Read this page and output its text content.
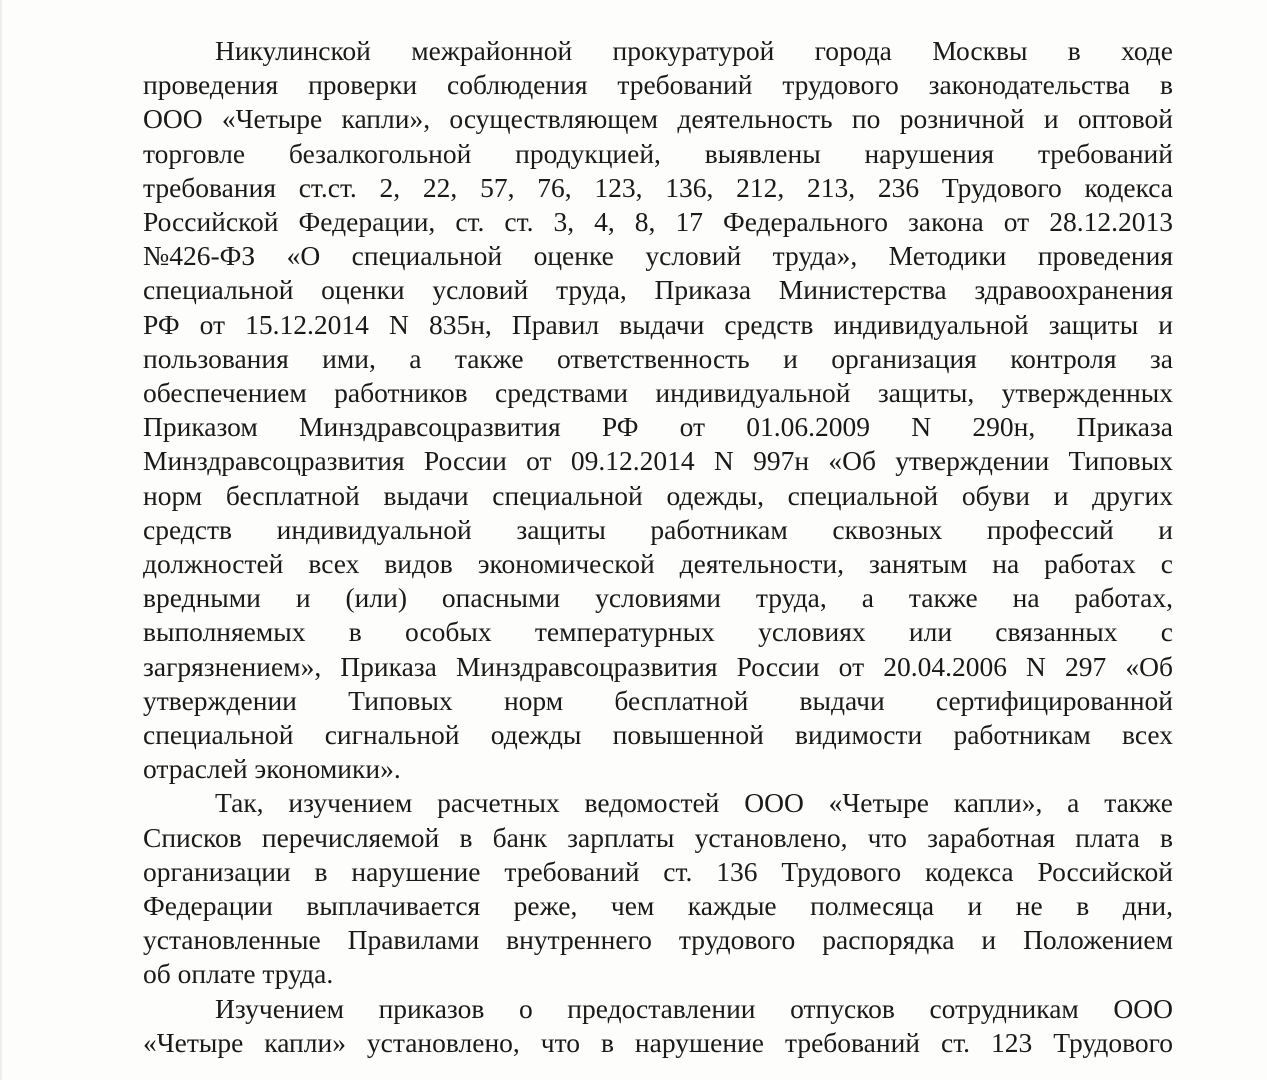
Никулинской межрайонной прокуратурой города Москвы в ходе
проведения проверки соблюдения требований трудового законодательства в
ООО «Четыре капли», осуществляющем деятельность по розничной и оптовой
торговле безалкогольной продукцией, выявлены нарушения требований
требования ст.ст. 2, 22, 57, 76, 123, 136, 212, 213, 236 Трудового кодекса
Российской Федерации, ст. ст. 3, 4, 8, 17 Федерального закона от 28.12.2013
№426-ФЗ «О специальной оценке условий труда», Методики проведения
специальной оценки условий труда, Приказа Министерства здравоохранения
РФ от 15.12.2014 N 835н, Правил выдачи средств индивидуальной защиты и
пользования ими, а также ответственность и организация контроля за
обеспечением работников средствами индивидуальной защиты, утвержденных
Приказом Минздравсоцразвития РФ от 01.06.2009 N 290н, Приказа
Минздравсоцразвития России от 09.12.2014 N 997н «Об утверждении Типовых
норм бесплатной выдачи специальной одежды, специальной обуви и других
средств индивидуальной защиты работникам сквозных профессий и
должностей всех видов экономической деятельности, занятым на работах с
вредными и (или) опасными условиями труда, а также на работах,
выполняемых в особых температурных условиях или связанных с
загрязнением», Приказа Минздравсоцразвития России от 20.04.2006 N 297 «Об
утверждении Типовых норм бесплатной выдачи сертифицированной
специальной сигнальной одежды повышенной видимости работникам всех
отраслей экономики».
Так, изучением расчетных ведомостей ООО «Четыре капли», а также
Списков перечисляемой в банк зарплаты установлено, что заработная плата в
организации в нарушение требований ст. 136 Трудового кодекса Российской
Федерации выплачивается реже, чем каждые полмесяца и не в дни,
установленные Правилами внутреннего трудового распорядка и Положением
об оплате труда.
Изучением приказов о предоставлении отпусков сотрудникам ООО
«Четыре капли» установлено, что в нарушение требований ст. 123 Трудового
